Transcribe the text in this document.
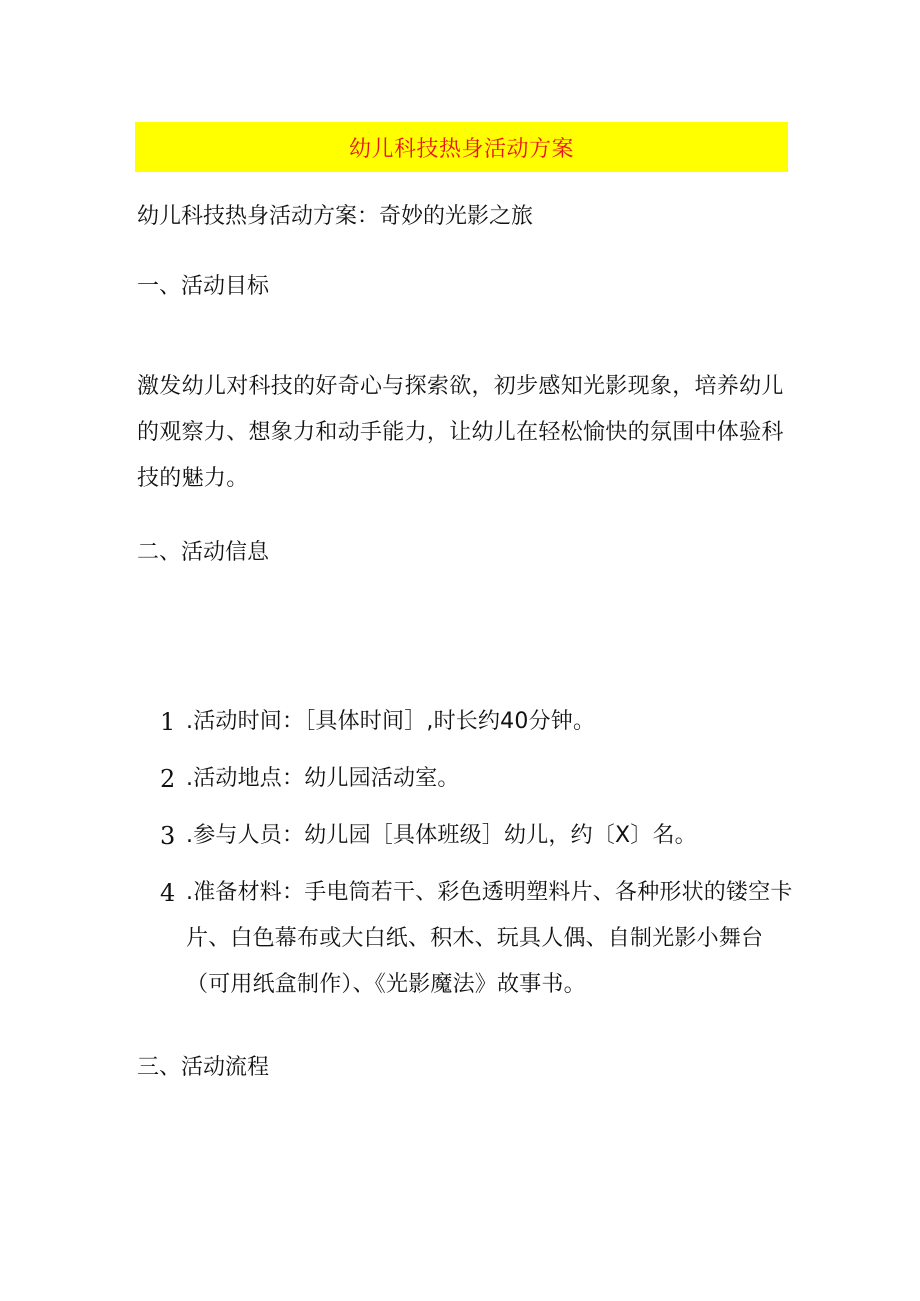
幼儿科技热身活动方案
幼儿科技热身活动方案：奇妙的光影之旅
一、活动目标
激发幼儿对科技的好奇心与探索欲，初步感知光影现象，培养幼儿的观察力、想象力和动手能力，让幼儿在轻松愉快的氛围中体验科技的魅力。
二、活动信息
1 .活动时间：［具体时间］,时长约40分钟。
2 .活动地点：幼儿园活动室。
3 .参与人员：幼儿园［具体班级］幼儿，约〔X〕名。
4 .准备材料：手电筒若干、彩色透明塑料片、各种形状的镂空卡片、白色幕布或大白纸、积木、玩具人偶、自制光影小舞台（可用纸盒制作）、《光影魔法》故事书。
三、活动流程
